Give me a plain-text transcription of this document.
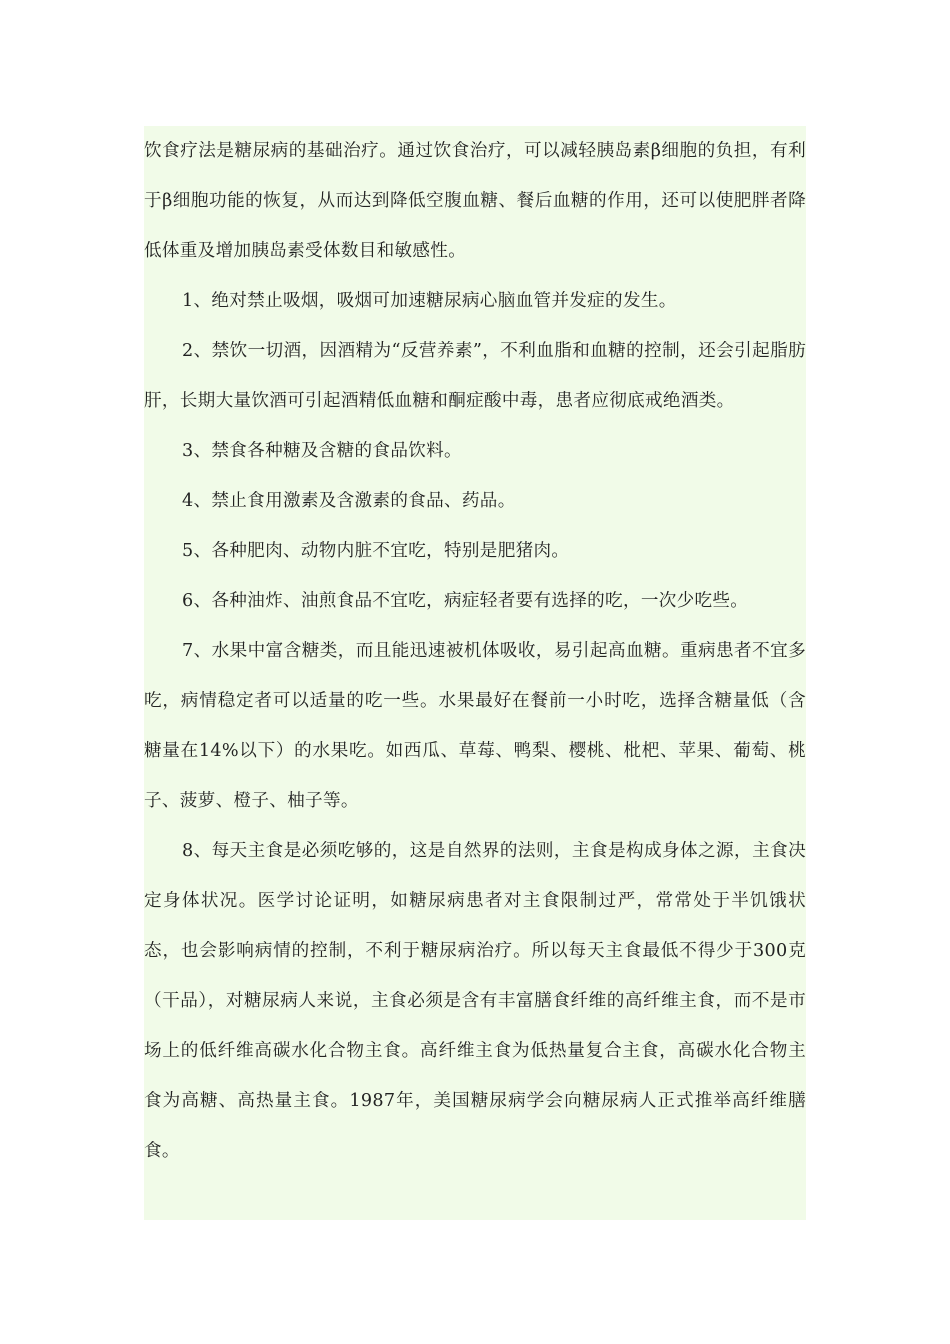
饮食疗法是糖尿病的基础治疗。通过饮食治疗，可以减轻胰岛素β细胞的负担，有利于β细胞功能的恢复，从而达到降低空腹血糖、餐后血糖的作用，还可以使肥胖者降低体重及增加胰岛素受体数目和敏感性。

1、绝对禁止吸烟，吸烟可加速糖尿病心脑血管并发症的发生。

2、禁饮一切酒，因酒精为“反营养素”，不利血脂和血糖的控制，还会引起脂肪肝，长期大量饮酒可引起酒精低血糖和酮症酸中毒，患者应彻底戒绝酒类。

3、禁食各种糖及含糖的食品饮料。

4、禁止食用激素及含激素的食品、药品。

5、各种肥肉、动物内脏不宜吃，特别是肥猪肉。

6、各种油炸、油煎食品不宜吃，病症轻者要有选择的吃，一次少吃些。

7、水果中富含糖类，而且能迅速被机体吸收，易引起高血糖。重病患者不宜多吃，病情稳定者可以适量的吃一些。水果最好在餐前一小时吃，选择含糖量低（含糖量在14%以下）的水果吃。如西瓜、草莓、鸭梨、樱桃、枇杷、苹果、葡萄、桃子、菠萝、橙子、柚子等。

8、每天主食是必须吃够的，这是自然界的法则，主食是构成身体之源，主食决定身体状况。医学讨论证明，如糖尿病患者对主食限制过严，常常处于半饥饿状态，也会影响病情的控制，不利于糖尿病治疗。所以每天主食最低不得少于300克（干品），对糖尿病人来说，主食必须是含有丰富膳食纤维的高纤维主食，而不是市场上的低纤维高碳水化合物主食。高纤维主食为低热量复合主食，高碳水化合物主食为高糖、高热量主食。1987年，美国糖尿病学会向糖尿病人正式推举高纤维膳食。
